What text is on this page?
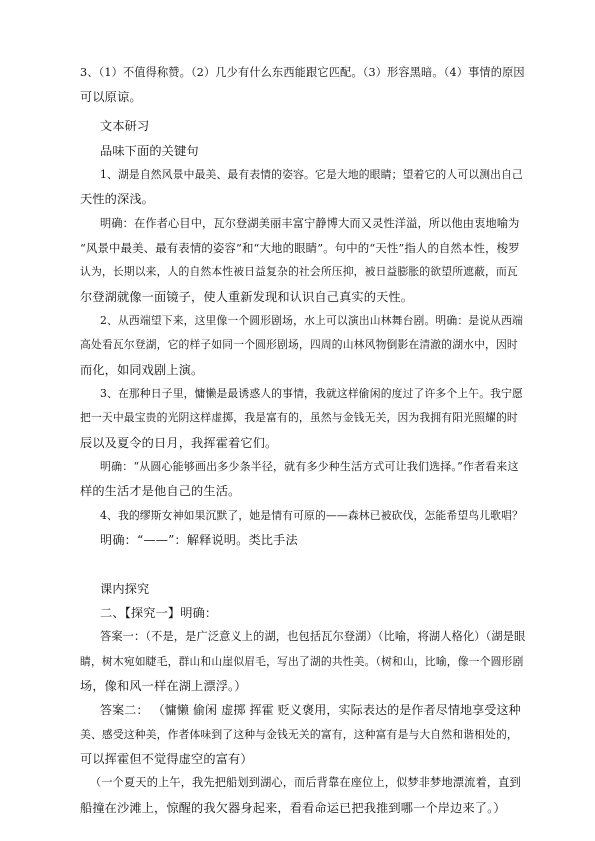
3、（1）不值得称赞。（2）几少有什么东西能跟它匹配。（3）形容黑暗。（4）事情的原因
可以原谅。
文本研习
品味下面的关键句
1、湖是自然风景中最美、最有表情的姿容。它是大地的眼睛；望着它的人可以测出自己
天性的深浅。
明确：在作者心目中，瓦尔登湖美丽丰富宁静博大而又灵性洋溢，所以他由衷地喻为
“风景中最美、最有表情的姿容”和“大地的眼睛”。句中的“天性”指人的自然本性，梭罗
认为，长期以来，人的自然本性被日益复杂的社会所压抑，被日益膨胀的欲望所遮蔽，而瓦
尔登湖就像一面镜子，使人重新发现和认识自己真实的天性。
2、从西端望下来，这里像一个圆形剧场，水上可以演出山林舞台剧。明确：是说从西端
高处看瓦尔登湖，它的样子如同一个圆形剧场，四周的山林风物倒影在清澈的湖水中，因时
而化，如同戏剧上演。
3、在那种日子里，慵懒是最诱惑人的事情，我就这样偷闲的度过了许多个上午。我宁愿
把一天中最宝贵的光阴这样虚掷，我是富有的，虽然与金钱无关，因为我拥有阳光照耀的时
辰以及夏令的日月，我挥霍着它们。
明确：“从圆心能够画出多少条半径，就有多少种生活方式可让我们选择。”作者看来这
样的生活才是他自己的生活。
4、我的缪斯女神如果沉默了，她是情有可原的——森林已被砍伐，怎能希望鸟儿歌唱？
明确：“——”：解释说明。类比手法
课内探究
二、【探究一】明确：
答案一：（不是，是广泛意义上的湖，也包括瓦尔登湖）（比喻，将湖人格化）（湖是眼
睛，树木宛如睫毛，群山和山崖似眉毛，写出了湖的共性美。（树和山，比喻，像一个圆形剧
场，像和风一样在湖上漂浮。）
答案二： （慵懒 偷闲 虚掷 挥霍 贬义褒用，实际表达的是作者尽情地享受这种
美、感受这种美，作者体味到了这种与金钱无关的富有，这种富有是与大自然和谐相处的，
可以挥霍但不觉得虚空的富有）
（一个夏天的上午，我先把船划到湖心，而后背靠在座位上，似梦非梦地漂流着，直到
船撞在沙滩上，惊醒的我欠器身起来，看看命运已把我推到哪一个岸边来了。）
